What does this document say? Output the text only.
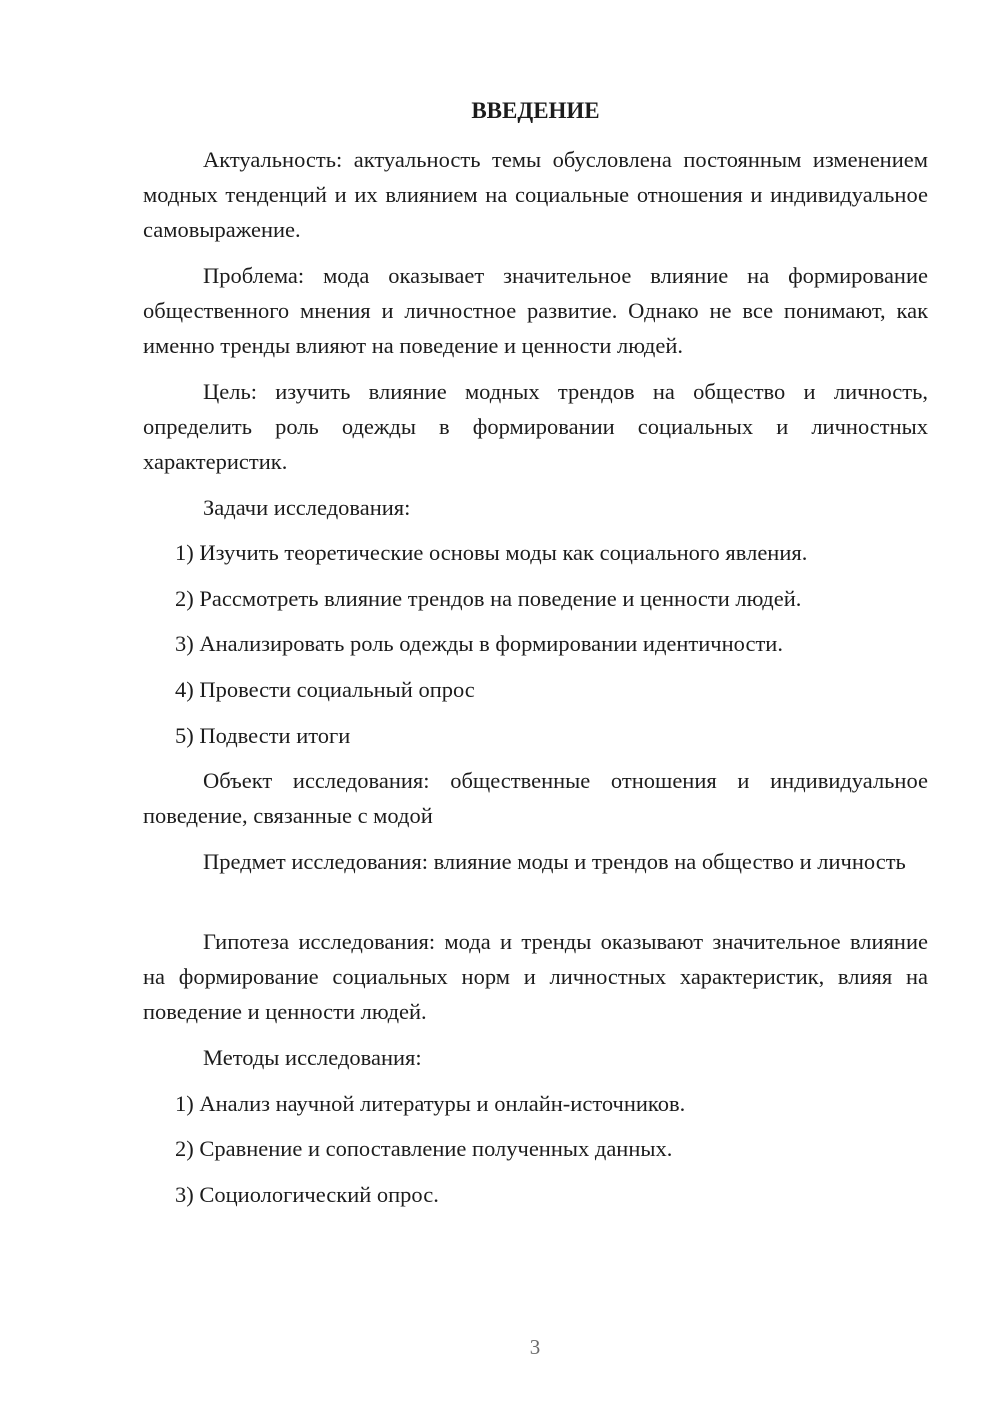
ВВЕДЕНИЕ

Актуальность: актуальность темы обусловлена постоянным изменением модных тенденций и их влиянием на социальные отношения и индивидуальное самовыражение.

Проблема: мода оказывает значительное влияние на формирование общественного мнения и личностное развитие. Однако не все понимают, как именно тренды влияют на поведение и ценности людей.

Цель: изучить влияние модных трендов на общество и личность, определить роль одежды в формировании социальных и личностных характеристик.

Задачи исследования:

1) Изучить теоретические основы моды как социального явления.

2) Рассмотреть влияние трендов на поведение и ценности людей.

3) Анализировать роль одежды в формировании идентичности.

4) Провести социальный опрос

5) Подвести итоги

Объект исследования: общественные отношения и индивидуальное поведение, связанные с модой

Предмет исследования: влияние моды и трендов на общество и личность

Гипотеза исследования: мода и тренды оказывают значительное влияние на формирование социальных норм и личностных характеристик, влияя на поведение и ценности людей.

Методы исследования:

1) Анализ научной литературы и онлайн-источников.

2) Сравнение и сопоставление полученных данных.

3) Социологический опрос.

3
